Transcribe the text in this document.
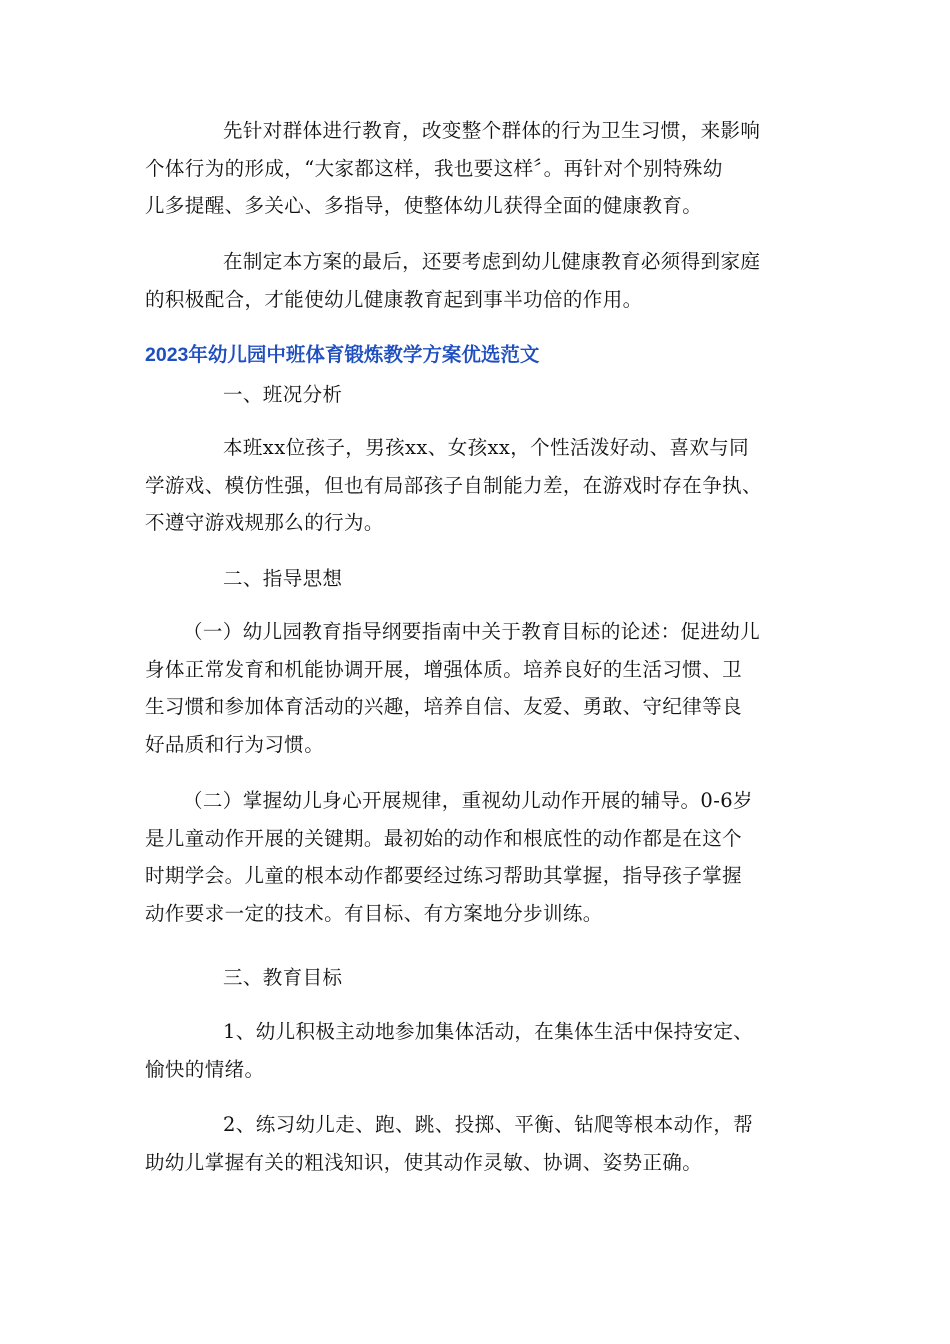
先针对群体进行教育，改变整个群体的行为卫生习惯，来影响
个体行为的形成，“大家都这样，我也要这样〞。再针对个别特殊幼
儿多提醒、多关心、多指导，使整体幼儿获得全面的健康教育。
在制定本方案的最后，还要考虑到幼儿健康教育必须得到家庭
的积极配合，才能使幼儿健康教育起到事半功倍的作用。
2023年幼儿园中班体育锻炼教学方案优选范文
一、班况分析
本班xx位孩子，男孩xx、女孩xx，个性活泼好动、喜欢与同
学游戏、模仿性强，但也有局部孩子自制能力差，在游戏时存在争执、
不遵守游戏规那么的行为。
二、指导思想
（一）幼儿园教育指导纲要指南中关于教育目标的论述：促进幼儿
身体正常发育和机能协调开展，增强体质。培养良好的生活习惯、卫
生习惯和参加体育活动的兴趣，培养自信、友爱、勇敢、守纪律等良
好品质和行为习惯。
（二）掌握幼儿身心开展规律，重视幼儿动作开展的辅导。0-6岁
是儿童动作开展的关键期。最初始的动作和根底性的动作都是在这个
时期学会。儿童的根本动作都要经过练习帮助其掌握，指导孩子掌握
动作要求一定的技术。有目标、有方案地分步训练。
三、教育目标
1、幼儿积极主动地参加集体活动，在集体生活中保持安定、
愉快的情绪。
2、练习幼儿走、跑、跳、投掷、平衡、钻爬等根本动作，帮
助幼儿掌握有关的粗浅知识，使其动作灵敏、协调、姿势正确。
